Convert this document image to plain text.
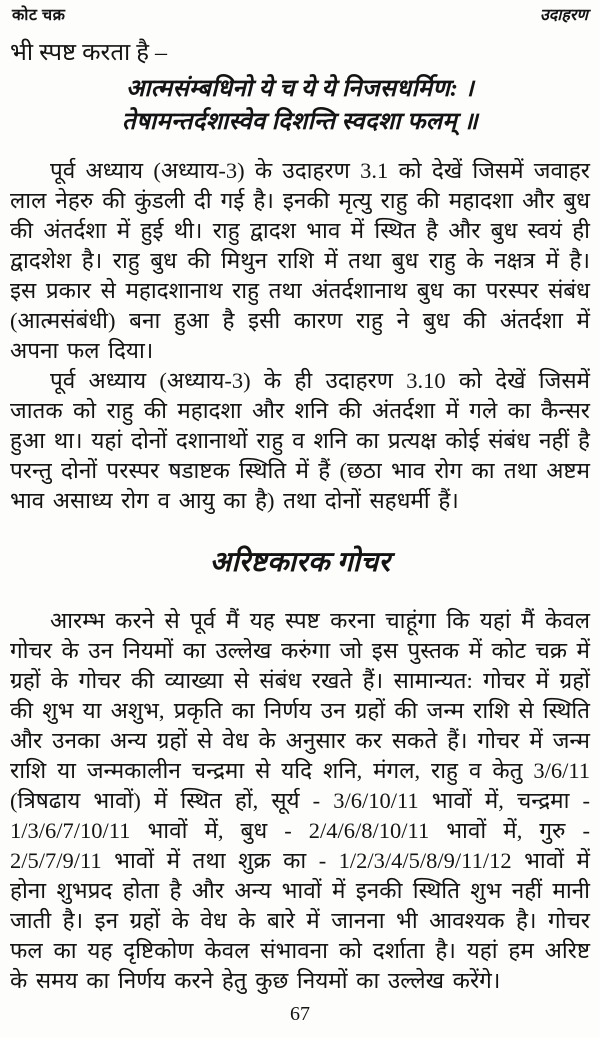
कोट चक्र	उदाहरण

भी स्पष्ट करता है –

आत्मसंम्बधिनो ये च ये ये निजसधर्मिण: ।
तेषामन्तर्दशास्वेव दिशन्ति स्वदशा फलम् ॥

पूर्व अध्याय (अध्याय-3) के उदाहरण 3.1 को देखें जिसमें जवाहर लाल नेहरु की कुंडली दी गई है। इनकी मृत्यु राहु की महादशा और बुध की अंतर्दशा में हुई थी। राहु द्वादश भाव में स्थित है और बुध स्वयं ही द्वादशेश है। राहु बुध की मिथुन राशि में तथा बुध राहु के नक्षत्र में है। इस प्रकार से महादशानाथ राहु तथा अंतर्दशानाथ बुध का परस्पर संबंध (आत्मसंबंधी) बना हुआ है इसी कारण राहु ने बुध की अंतर्दशा में अपना फल दिया।

पूर्व अध्याय (अध्याय-3) के ही उदाहरण 3.10 को देखें जिसमें जातक को राहु की महादशा और शनि की अंतर्दशा में गले का कैन्सर हुआ था। यहां दोनों दशानाथों राहु व शनि का प्रत्यक्ष कोई संबंध नहीं है परन्तु दोनों परस्पर षडाष्टक स्थिति में हैं (छठा भाव रोग का तथा अष्टम भाव असाध्य रोग व आयु का है) तथा दोनों सहधर्मी हैं।

अरिष्टकारक गोचर

आरम्भ करने से पूर्व मैं यह स्पष्ट करना चाहूंगा कि यहां मैं केवल गोचर के उन नियमों का उल्लेख करुंगा जो इस पुस्तक में कोट चक्र में ग्रहों के गोचर की व्याख्या से संबंध रखते हैं। सामान्यत: गोचर में ग्रहों की शुभ या अशुभ, प्रकृति का निर्णय उन ग्रहों की जन्म राशि से स्थिति और उनका अन्य ग्रहों से वेध के अनुसार कर सकते हैं। गोचर में जन्म राशि या जन्मकालीन चन्द्रमा से यदि शनि, मंगल, राहु व केतु 3/6/11 (त्रिषढाय भावों) में स्थित हों, सूर्य - 3/6/10/11 भावों में, चन्द्रमा - 1/3/6/7/10/11 भावों में, बुध - 2/4/6/8/10/11 भावों में, गुरु - 2/5/7/9/11 भावों में तथा शुक्र का - 1/2/3/4/5/8/9/11/12 भावों में होना शुभप्रद होता है और अन्य भावों में इनकी स्थिति शुभ नहीं मानी जाती है। इन ग्रहों के वेध के बारे में जानना भी आवश्यक है। गोचर फल का यह दृष्टिकोण केवल संभावना को दर्शाता है। यहां हम अरिष्ट के समय का निर्णय करने हेतु कुछ नियमों का उल्लेख करेंगे।

67
